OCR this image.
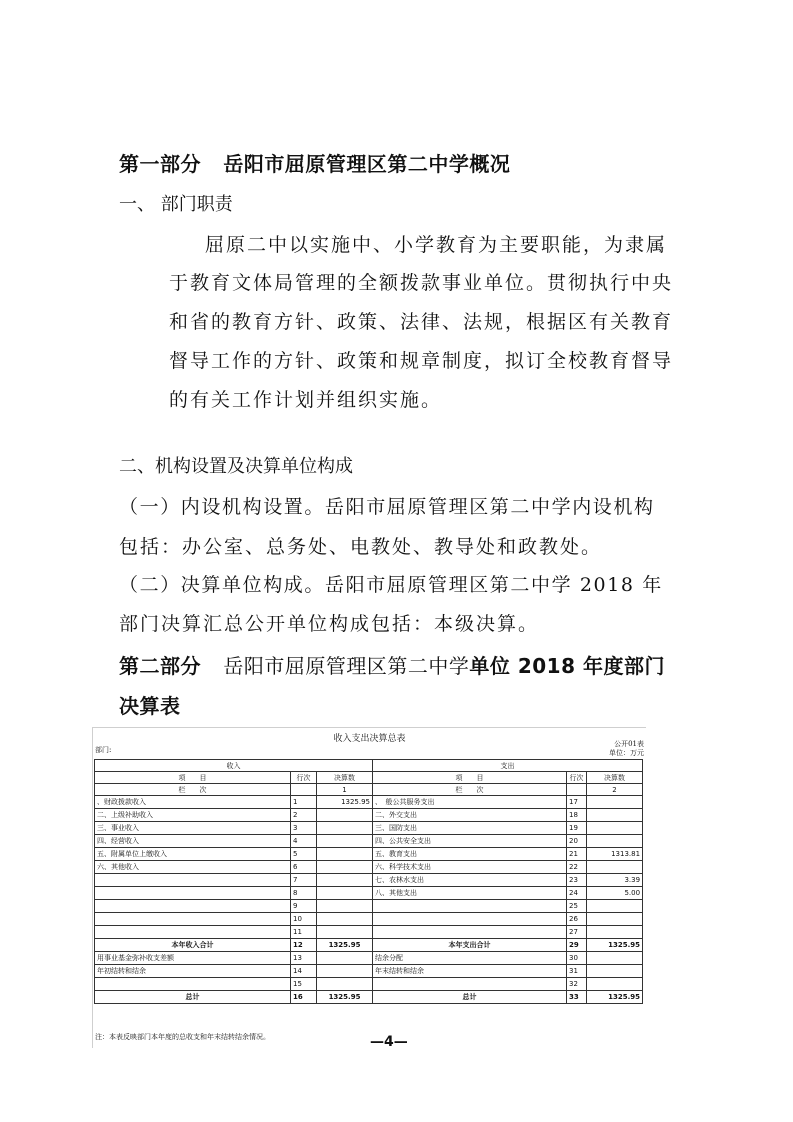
第一部分 岳阳市屈原管理区第二中学概况
一、 部门职责
屈原二中以实施中、小学教育为主要职能，为隶属
于教育文体局管理的全额拨款事业单位。贯彻执行中央
和省的教育方针、政策、法律、法规，根据区有关教育
督导工作的方针、政策和规章制度，拟订全校教育督导
的有关工作计划并组织实施。
二、机构设置及决算单位构成
（一）内设机构设置。岳阳市屈原管理区第二中学内设机构
包括：办公室、总务处、电教处、教导处和政教处。
（二）决算单位构成。岳阳市屈原管理区第二中学 2018 年
部门决算汇总公开单位构成包括：本级决算。
第二部分 岳阳市屈原管理区第二中学单位 2018 年度部门
决算表
收入支出决算总表
部门:
公开01表
单位：万元
收入			支出		
项　　目	行次	决算数	项　　目	行次	决算数
栏　　次		1	栏　　次		2
、财政拨款收入	1	1325.95	、　般公共服务支出	17	
二、上级补助收入	2		二、外交支出	18	
三、事业收入	3		三、国防支出	19	
四、经营收入	4		四、公共安全支出	20	
五、附属单位上缴收入	5		五、教育支出	21	1313.81
六、其他收入	6		六、科学技术支出	22	
	7		七、农林水支出	23	3.39
	8		八、其他支出	24	5.00
	9			25	
	10			26	
	11			27	
本年收入合计	12	1325.95	本年支出合计	29	1325.95
用事业基金弥补收支差额	13		结余分配	30	
年初结转和结余	14		年末结转和结余	31	
	15			32	
总计	16	1325.95	总计	33	1325.95
注：本表反映部门本年度的总收支和年末结转结余情况。	—4—
